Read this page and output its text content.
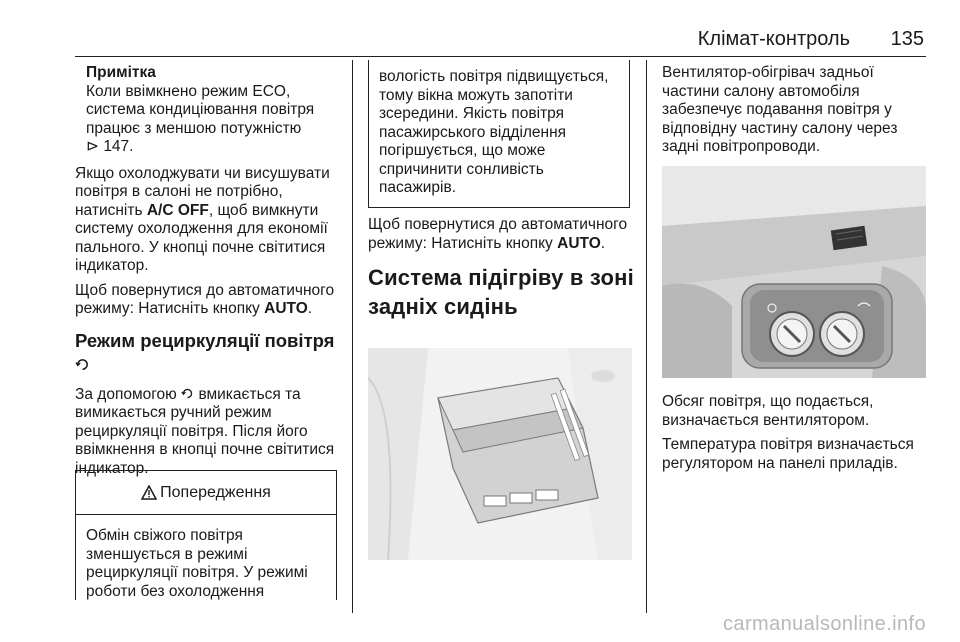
Клімат-контроль 135
Примітка
Коли ввімкнено режим ECO, система кондиціювання повітря працює з меншою потужністю
⊳ 147.

Якщо охолоджувати чи висушувати повітря в салоні не потрібно, натисніть A/C OFF, щоб вимкнути систему охолодження для економії пального. У кнопці почне світитися індикатор.

Щоб повернутися до автоматичного режиму: Натисніть кнопку AUTO.

Режим рециркуляції повітря

За допомогою вмикається та вимикається ручний режим рециркуляції повітря. Після його ввімкнення в кнопці почне світитися індикатор.

Попередження
Обмін свіжого повітря зменшується в режимі рециркуляції повітря. У режимі роботи без охолодження
вологість повітря підвищується, тому вікна можуть запотіти зсередини. Якість повітря пасажирського відділення погіршується, що може спричинити сонливість пасажирів.

Щоб повернутися до автоматичного режиму: Натисніть кнопку AUTO.

Система підігріву в зоні задніх сидінь

Вентилятор-обігрівач задньої частини салону автомобіля забезпечує подавання повітря у відповідну частину салону через задні повітропроводи.

Обсяг повітря, що подається, визначається вентилятором.

Температура повітря визначається регулятором на панелі приладів.

carmanualsonline.info
